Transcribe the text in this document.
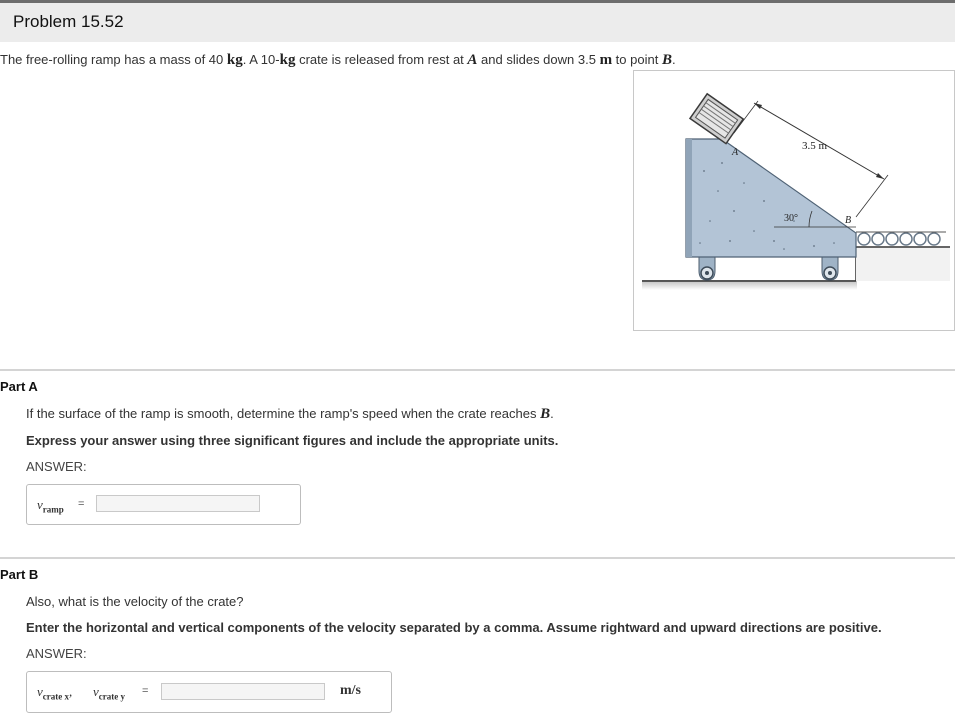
Problem 15.52
The free-rolling ramp has a mass of 40 kg. A 10-kg crate is released from rest at A and slides down 3.5 m to point B.
3.5 m
30°
A
B
Part A
If the surface of the ramp is smooth, determine the ramp's speed when the crate reaches B.
Express your answer using three significant figures and include the appropriate units.
ANSWER:
$v_{ramp}$ =
Part B
Also, what is the velocity of the crate?
Enter the horizontal and vertical components of the velocity separated by a comma. Assume rightward and upward directions are positive.
ANSWER:
$v_{crate x}$, $v_{crate y}$ =	m/s
